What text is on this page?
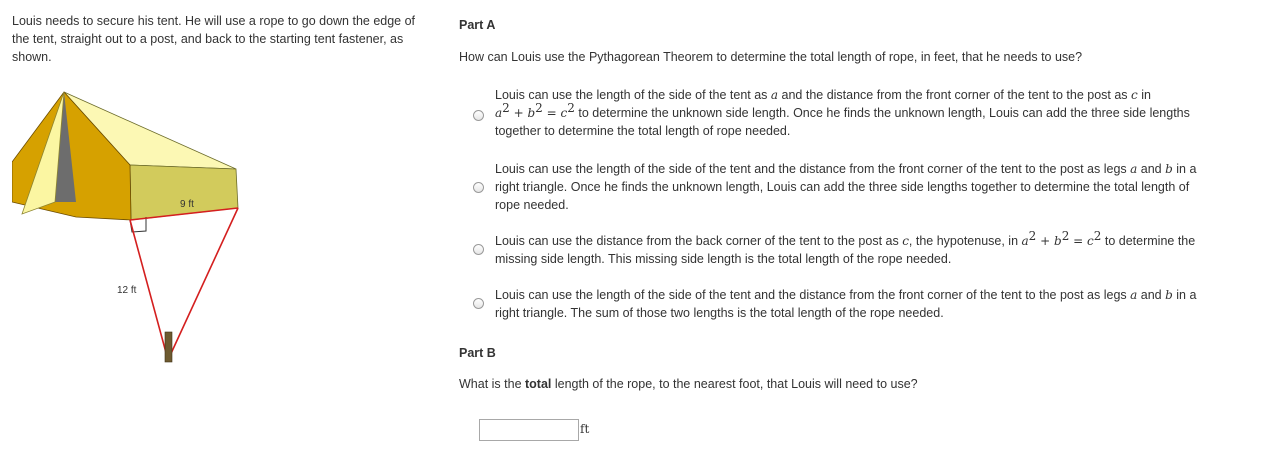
Louis needs to secure his tent. He will use a rope to go down the edge of the tent, straight out to a post, and back to the starting tent fastener, as shown.

9 ft
12 ft
Part A
How can Louis use the Pythagorean Theorem to determine the total length of rope, in feet, that he needs to use?
Louis can use the length of the side of the tent as a and the distance from the front corner of the tent to the post as c in
$a^2 + b^2 = c^2$ to determine the unknown side length. Once he finds the unknown length, Louis can add the three side lengths
together to determine the total length of rope needed.
Louis can use the length of the side of the tent and the distance from the front corner of the tent to the post as legs a and b in a
right triangle. Once he finds the unknown length, Louis can add the three side lengths together to determine the total length of
rope needed.
Louis can use the distance from the back corner of the tent to the post as c, the hypotenuse, in $a^2 + b^2 = c^2$ to determine the
missing side length. This missing side length is the total length of the rope needed.
Louis can use the length of the side of the tent and the distance from the front corner of the tent to the post as legs a and b in a
right triangle. The sum of those two lengths is the total length of the rope needed.
Part B
What is the total length of the rope, to the nearest foot, that Louis will need to use?
ft
